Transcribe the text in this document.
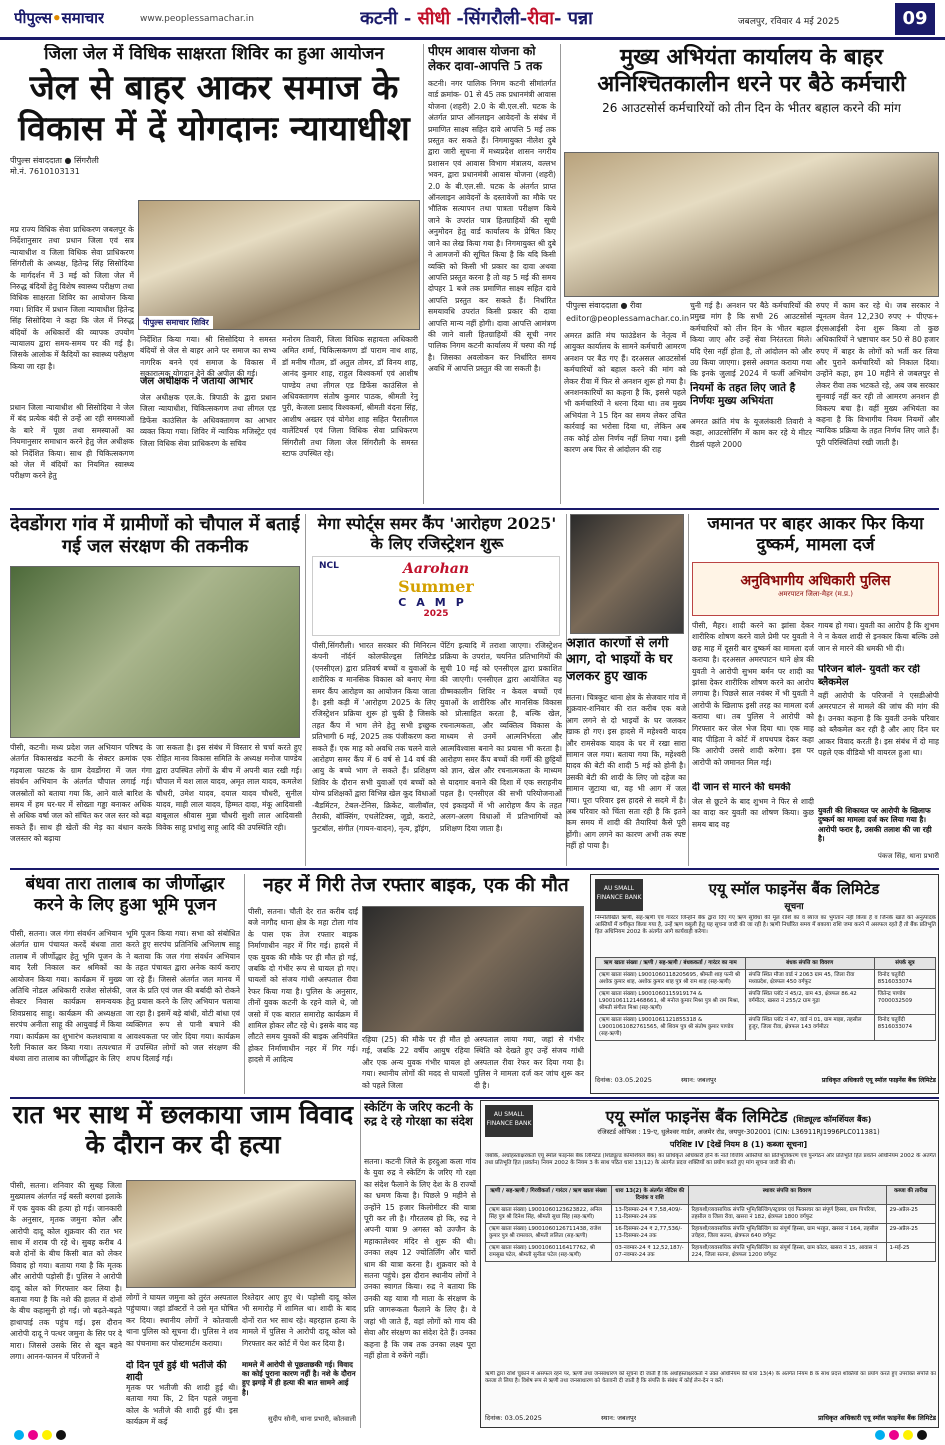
पीपुल्स•समाचार	www.peoplessamachar.in	कटनी - सीधी -सिंगरौली-रीवा- पन्ना	जबलपुर, रविवार 4 मई 2025	09
जिला जेल में विधिक साक्षरता शिविर का हुआ आयोजन
जेल से बाहर आकर समाज के विकास में दें योगदानः न्यायाधीश
पीपुल्स संवाददाता ● सिंगरौली
मो.नं. 7610103131
पीपुल्स समाचार शिविर
मप्र राज्य विधिक सेवा प्राधिकरण जबलपुर के निर्देशानुसार तथा प्रधान जिला एवं सत्र न्यायाधीश व जिला विधिक सेवा प्राधिकरण सिंगरौली के अध्यक्ष, हितेन्द्र सिंह सिसोदिया के मार्गदर्शन में 3 मई को जिला जेल में निरुद्ध बंदियों हेतु विशेष स्वास्थ्य परीक्षण तथा विधिक साक्षरता शिविर का आयोजन किया गया। शिविर में प्रधान जिला न्यायाधीश हितेन्द्र सिंह सिसोदिया ने कहा कि जेल में निरुद्ध बंदियों के अधिकारों की व्यापक उपयोग न्यायालय द्वारा समय-समय पर की गई है। जिसके आलोक में कैदियों का स्वास्थ्य परीक्षण किया जा रहा है।
प्रधान जिला न्यायाधीश श्री सिसोदिया ने जेल में बंद प्रत्येक बंदी से उन्हें आ रही समस्याओं के बारे में पूछा तथा समस्याओं का नियमानुसार समाधान करने हेतु जेल अधीक्षक को निर्देशित किया। साथ ही चिकित्सकगण को जेल में बंदियों का नियमित स्वास्थ्य परीक्षण करने हेतु
निर्देशित किया गया। श्री सिसोदिया ने समस्त बंदियों से जेल से बाहर आने पर समाज का सभ्य नागरिक बनने एवं समाज के विकास में सकारात्मक योगदान देने की अपील की गई।
जेल अधीक्षक ने जताया आभार
जेल अधीक्षक एल.के. त्रिपाठी के द्वारा प्रधान जिला न्यायाधीश, चिकित्सकगण तथा लीगल एड डिफेंस काउंसिल के अधिवक्तागण का आभार व्यक्त किया गया। शिविर में न्यायिक मजिस्ट्रेट एवं जिला विधिक सेवा प्राधिकरण के सचिव
मनोरम तिवारी, जिला विधिक सहायता अधिकारी अमित शर्मा, चिकित्सकगण डॉ पाराम नाथ शाह, डॉ मनीष गौतम, डॉ अतुल तोमर, डॉ विनय शाह, आनंद कुमार शाह, राहुल विश्वकर्मा एवं आशीष पाण्डेय तथा लीगल एड डिफेंस काउंसिल से अधिवक्तागण संतोष कुमार पाठक, श्रीमती रेनु पुरी, केजला प्रसाद विश्वकर्मा, श्रीमती वंदना सिंह, आशीष अख्तर एवं योगेश शाह सहित पैरालीगल वालेंटियर्स एवं जिला विधिक सेवा प्राधिकरण सिंगरौली तथा जिला जेल सिंगरौली के समस्त स्टाफ उपस्थित रहे।
पीएम आवास योजना को लेकर दावा-आपत्ति 5 तक
कटनी। नगर पालिक निगम कटनी सीमांतर्गत वार्ड क्रमांक- 01 से 45 तक प्रधानमंत्री आवास योजना (शहरी) 2.0 के बी.एल.सी. घटक के अंतर्गत प्राप्त ऑनलाइन आवेदनों के संबंध में प्रमाणित साक्ष्य सहित दावे आपत्ति 5 मई तक प्रस्तुत कर सकते हैं। निगमायुक्त नीलेश दुबे द्वारा जारी सूचना में मध्यप्रदेश शासन नगरीय प्रशासन एवं आवास विभाग मंत्रालय, वल्लभ भवन, द्वारा प्रधानमंत्री आवास योजना (शहरी) 2.0 के बी.एल.सी. घटक के अंतर्गत प्राप्त ऑनलाइन आवेदनों के दस्तावेजों का मौके पर भौतिक सत्यापन तथा पात्रता परीक्षण किये जाने के उपरांत पात्र हितग्राहियों की सूची अनुमोदन हेतु वार्ड कार्यालय के प्रेषित किए जाने का लेख किया गया है। निगमायुक्त श्री दुबे ने आमजनों की सूचित किया है कि यदि किसी व्यक्ति को किसी भी प्रकार का दावा अथवा आपत्ति प्रस्तुत करना है तो वह 5 मई की समय दोपहर 1 बजे तक प्रमाणित साक्ष्य सहित दावे आपत्ति प्रस्तुत कर सकते हैं। निर्धारित समयावधि उपरांत किसी प्रकार की दावा आपत्ति मान्य नहीं होगी। दावा आपत्ति आमंत्रण की जाने वाली हितग्राहियों की सूची नगर पालिक निगम कटनी कार्यालय में चस्पा की गई है। जिसका अवलोकन कर निर्धारित समय अवधि में आपत्ति प्रस्तुत की जा सकती है।
मुख्य अभियंता कार्यालय के बाहर अनिश्चितकालीन धरने पर बैठे कर्मचारी
26 आउटसोर्स कर्मचारियों को तीन दिन के भीतर बहाल करने की मांग
पीपुल्स संवाददाता ● रीवा
editor@peoplessamachar.co.in
अमरत क्रांति मंच फाउंडेशन के नेतृत्व में आयुक्त कार्यालय के सामने कर्मचारी आमरण अनशन पर बैठ गए हैं। दरअसल आउटसोर्स कर्मचारियों को बहाल करने की मांग को लेकर रीवा में फिर से अनशन शुरू हो गया है। अनशनकारियों का कहना है कि, इससे पहले भी कर्मचारियों ने धरना दिया था। तब मुख्य अभियंता ने 15 दिन का समय लेकर उचित कार्रवाई का भरोसा दिया था, लेकिन अब तक कोई ठोस निर्णय नहीं लिया गया। इसी कारण अब फिर से आंदोलन की राह
चुनी गई है। अनशन पर बैठे कर्मचारियों की प्रमुख मांग है कि सभी 26 आउटसोर्स कर्मचारियों को तीन दिन के भीतर बहाल किया जाए और उन्हें सेवा निरंतरता मिले। यदि ऐसा नहीं होता है, तो आंदोलन को और उग्र किया जाएगा। इससे अवगत कराया गया कि इनके जुलाई 2024 में फर्जी अभियोग
नियमों के तहत लिए जाते है निर्णयः मुख्य अभियंता
अमरत क्रांति मंच के यूजलंकारी तिवारी ने कहा, आउटसोर्सिंग में काम कर रहे ये मीटर रीडर्स पहले 2000
रुपए में काम कर रहे थे। जब सरकार ने न्यूनतम वेतन 12,230 रुपए + पीएफ+ ईएसआईसी देना शुरू किया तो कुछ अधिकारियों ने भ्रष्टाचार कर 50 से 80 हजार रुपए में बाहर के लोगों को भर्ती कर लिया और पुराने कर्मचारियों को निकाल दिया। उन्होंने कहा, हम 10 महीने से जबलपुर से लेकर रीवा तक भटकते रहे, अब जब सरकार सुनवाई नहीं कर रही तो आमरण अनशन ही विकल्प बचा है। वहीं मुख्य अभियंता का कहना है कि विभागीय नियम नियमों और न्यायिक प्रक्रिया के तहत निर्णय लिए जाते हैं। पूरी परिस्थितियां रखी जाती है।
देवडोंगरा गांव में ग्रामीणों को चौपाल में बताई गई जल संरक्षण की तकनीक
पीसी, कटनी। मध्य प्रदेश जल अभियान परिषद के अंतर्गत विकासखंड कटनी के सेक्टर क्रमांक एक गढ़वाला फाटक के ग्राम देवडोंगरा में जल गंगा संवर्धन अभियान के अंतर्गत चौपाल लगाई गई। जलस्रोतों को बताया गया कि, आने वाले बारिश के समय में हम घर-घर में सोख्ता गड्डा बनाकर अधिक से अधिक वर्षा जल को संचित कर जल स्तर को बढ़ा सकते हैं। साथ ही खेतों की मेड़ का बंधान करके जलस्तर को बढ़ाया
मेगा स्पोर्ट्स समर कैंप 'आरोहण 2025' के लिए रजिस्ट्रेशन शुरू
NCL	Aarohan
Summer
CAMP
2025
जा सकता है। इस संबंध में विस्तार से चर्चा करते हुए रोहित मानव विकास समिति के अध्यक्ष मनोज पाण्डेय द्वारा उपस्थित लोगों के बीच में अपनी बात रखी गई। चौपाल में यश लाल यादव, अमृत लाल यादव, कमलेश चौधरी, उमेश यादव, दयाल यादव चौधरी, सुनील यादव, माही लाल यादव, हिम्मत दादा, मंकू आदिवासी बाबूलाल श्रीवास मुन्ना चौधरी सुशी लाल आदिवासी विवेक साहू प्रभांशु साहू आदि की उपस्थिति रही।
पीसी,सिंगरौली। भारत सरकार की मिनिरत्न कंपनी नॉर्दर्न कोलफील्ड्स लिमिटेड (एनसीएल) द्वारा प्रतिवर्ष बच्चों व युवाओं के शारीरिक व मानसिक विकास को बनाए मेगा समर कैंप आरोहण का आयोजन किया जाता है। इसी कड़ी में 'आरोहण 2025 के लिए रजिस्ट्रेशन प्रक्रिया शुरू हो चुकी है जिसके तहत कैंप में भाग लेने हेतु सभी इच्छुक प्रतिभागी 6 मई, 2025 तक पंजीकरण करा सकते हैं। एक माह को अवधि तक चलने वाले आरोहण समर कैंप में 6 वर्ष से 14 वर्ष की आयु के बच्चे भाग ले सकते हैं। प्रशिक्षण शिविर के दौरान सभी युवाओं एवं बच्चों को योग्य प्रशिक्षकों द्वारा विभिन्न खेल कूद विधाओं -बैडमिंटन, टेबल-टेनिस, क्रिकेट, वालीबॉल, तैराकी, बॉक्सिंग, एथलेटिक्स, जूडो, कराटे, फुटबॉल, संगीत (गायन-वादन), नृत्य, ड्रॉइंग,
पेंटिंग इत्यादि में तराशा जाएगा। रजिस्ट्रेशन प्रक्रिया के उपरांत, चयनित प्रतिभागियों की सूची 10 मई को एनसीएल द्वारा प्रकाशित की जाएगी। एनसीएल द्वारा आयोजित यह ग्रीष्मकालीन शिविर न केवल बच्चों एवं युवाओं के शारीरिक और मानसिक विकास को प्रोत्साहित करता है, बल्कि खेल, रचनात्मकता, और व्यक्तित्व विकास के माध्यम से उनमें आत्मनिर्भरता और आत्मविश्वास बनाने का प्रयास भी करता है। आरोहण समर कैंप बच्चों की गर्मी की छुट्टियों को ज्ञान, खेल और रचनात्मकता के माध्यम से यादगार बनाने की दिशा में एक सराहनीय पहल है। एनसीएल की सभी परियोजनाओं एवं इकाइयों में भी आरोहण कैंप के तहत अलग-अलग विधाओं में प्रतिभागियों को प्रशिक्षण दिया जाता है।
अज्ञात कारणों से लगी आग, दो भाइयों के घर जलकर हुए खाक
सतना। चित्रकूट थाना क्षेत्र के सेजवार गांव में शुक्रवार-शनिवार की रात करीब एक बजे आग लगने से दो भाइयों के घर जलकर खाक हो गए। इस हादसे में महेश्वरी यादव और रामसेवक यादव के घर में रखा सारा सामान जल गया। बताया गया कि, महेश्वरी यादव की बेटी की शादी 5 मई को होनी है। उसकी बेटी की शादी के लिए जो दहेज का सामान जुटाया था, वह भी आग में जल गया। पूरा परिवार इस हादसे से सदमे में है। अब परिवार को चिंता सता रही है कि इतने कम समय में शादी की तैयारियां कैसे पूरी होंगी। आग लगने का कारण अभी तक स्पष्ट नहीं हो पाया है।
जमानत पर बाहर आकर फिर किया दुष्कर्म, मामला दर्ज
अनुविभागीय अधिकारी पुलिस
अमरपाटन जिला-मैहर (म.प्र.)
पीसी, मैहर। शादी करने का झांसा देकर शारीरिक शोषण करने वाले प्रेमी पर युवती ने छह माह में दूसरी बार दुष्कर्म का मामला दर्ज कराया है। दरअसल अमरपाटन थाने क्षेत्र की युवती ने आरोपी सुभम बर्मन पर शादी का झांसा देकर शारीरिक शोषण करने का आरोप लगाया है। पिछले साल नवंबर में भी युवती ने आरोपी के खिलाफ इसी तरह का मामला दर्ज कराया था। तब पुलिस ने आरोपी को गिरफ्तार कर जेल भेज दिया था। एक माह बाद पीड़िता ने कोर्ट में शपथपत्र देकर कहा कि आरोपी उससे शादी करेगा। इस पर आरोपी को जमानत मिल गई।
दी जान से मारने की धमकी
जेल से छूटने के बाद शुभम ने फिर से शादी का वादा कर युवती का शोषण किया। कुछ समय बाद वह
गायब हो गया। युवती का आरोप है कि शुभम ने न केवल शादी से इनकार किया बल्कि उसे जान से मारने की धमकी भी दी।
परिजन बोले- युवती कर रही ब्लैकमेल
वहीं आरोपी के परिजनों ने एसडीओपी अमरपाटन से मामले की जांच की मांग की है। उनका कहना है कि युवती उनके परिवार को ब्लैकमेल कर रही है और आए दिन घर आकर विवाद करती है। इस संबंध में दो माह पहले एक वीडियो भी वायरल हुआ था।
युवती की शिकायत पर आरोपी के खिलाफ दुष्कर्म का मामला दर्ज कर लिया गया है। आरोपी फरार है, उसकी तलाश की जा रही है।
पंकज सिंह, थाना प्रभारी
बंधवा तारा तालाब का जीर्णोद्धार करने के लिए हुआ भूमि पूजन
पीसी, सतना। जल गंगा संवर्धन अभियान अंतर्गत ग्राम पंचायत करदें बंधवा तारा तालाब में जीर्णोद्धार हेतु भूमि पूजन के बाद रैली निकाल कर श्रमिकों का आयोजन किया गया। कार्यक्रम में मुख्य अतिथि नोडल अधिकारी राजेश सोलंकी, सेक्टर निवास कार्यक्रम समन्वयक शिवप्रसाद साहू। कार्यक्रम की अध्यक्षता सरपंच अनीता साहू की आयुवाई में किया गया। कार्यक्रम का शुभारंभ कलशयात्रा व रैली निकाल कर किया गया। तत्पश्चात बंधवा तारा तालाब का जीर्णोद्धार के लिए
भूमि पूजन किया गया। सभा को संबोधित करते हुए सरपंच प्रतिनिधि अभिलाष साहू ने बताया कि जल गंगा संवर्धन अभियान के तहत पंचायत द्वारा अनेक कार्य कराए जा रहे हैं। जिससे अंतर्गत जल मानव में जल के प्रति एवं जल की बर्बादी को रोकने हेतु प्रयास करने के लिए अभियान चलाया जा रहा है। इसमें बड़े बांधी, वोटी बांधा एवं व्यक्तिगत रूप से पानी बचाने की आवश्यकता पर जोर दिया गया। कार्यक्रम में उपस्थित लोगों को जल संरक्षण की शपथ दिलाई गई।
नहर में गिरी तेज रफ्तार बाइक, एक की मौत
पीसी, सतना। चौती देर रात करीब दाईं बजे नागौद थाना क्षेत्र के महा टोला गांव के पास एक तेज रफ्तार बाइक निर्माणाधीन नहर में गिर गई। हादसे में एक युवक की मौके पर ही मौत हो गई, जबकि दो गंभीर रूप से घायल हो गए। घायलों को संजय गांधी अस्पताल रीवा रेफर किया गया है। पुलिस के अनुसार, तीनों युवक कटनी के रहने वाले थे, जो जसो में एक बारात समारोह कार्यक्रम में शामिल होकर लौट रहे थे। इसके बाद वह लौटते समय युवकों की बाइक अनियंत्रित होकर निर्माणाधीन नहर में गिर गई। हादसे में आदित्य
रहिया (25) की मौके पर ही मौत हो गई, जबकि 22 वर्षीय आयुष रहिया और एक अन्य युवक गंभीर घायल हो गया। स्थानीय लोगों की मदद से घायलों को पहले जिला
अस्पताल लाया गया, जहां से गंभीर स्थिति को देखते हुए उन्हें संजय गांधी अस्पताल रीवा रेफर कर दिया गया है। पुलिस ने मामला दर्ज कर जांच शुरू कर दी है।
AU SMALL FINANCE BANK	एयू स्मॉल फाइनेंस बैंक लिमिटेड
सूचना
निम्नलिखित ऋणी, सह-ऋणी एवं गारंटर जिन्होंने बैंक द्वारा दिए गए ऋण सुविधा की मूल राशि का व ब्याज का भुगतान नहीं किया है व जिनके खाते को अनुत्पादक आस्तियों में वर्गीकृत किया गया है, उन्हें ऋण वसूली हेतु यह सूचना जारी की जा रही है। ऋणी निर्धारित समय में बकाया राशि जमा करने में असफल रहते हैं तो बैंक प्रतिभूति हित अधिनियम 2002 के अंतर्गत आगे कार्यवाही करेगा।
ऋण खाता संख्या / ऋणी / सह-ऋणी / बंधककर्ता / गारंटर का नाम	बंधक संपत्ति का विवरण	संपर्क सूत्र
(ऋण खाता संख्या) L9001060118205695, श्रीमती शाह पत्नी श्री अशोक कुमार शाह, अशोक कुमार शाह पुत्र श्री राम शाह (सह-ऋणी)	संपत्ति स्थित मौजा वार्ड नं 2063 ग्राम 45, जिला रीवा मध्यप्रदेश, क्षेत्रफल 450 वर्गफुट	विनोद चतुर्वेदी 8516033074
(ऋण खाता संख्या) L9001060115919174 & L9001061121468661, श्री मनोज कुमार मिश्रा पुत्र श्री राम मिश्रा, श्रीमती संगीता मिश्रा (सह-ऋणी)	संपत्ति स्थित प्लॉट नं 45/2, ग्राम 43, क्षेत्रफल 86.42 वर्गमीटर, खसरा नं 255/2 ग्राम गुढ़ा	जितेन्द्र पाण्डेय 7000032509
(ऋण खाता संख्या) L9001061121855318 & L9001061082761565, श्री शिवम पुत्र श्री संतोष कुमार पाण्डेय (सह-ऋणी)	संपत्ति स्थित प्लॉट नं 47, वार्ड नं 01, ग्राम माझा, तहसील हुजूर, जिला रीवा, क्षेत्रफल 143 वर्गमीटर	विनोद चतुर्वेदी 8516033074
दिनांक: 03.05.2025	स्थान: जबलपुर	प्राधिकृत अधिकारी एयू स्मॉल फाइनेंस बैंक लिमिटेड
रात भर साथ में छलकाया जाम विवाद के दौरान कर दी हत्या
पीसी, सतना। शनिवार की सुबह जिला मुख्यालय अंतर्गत नई बस्ती बरगवां इलाके में एक युवक की हत्या हो गई। जानकारी के अनुसार, मृतक जमुना कोल और आरोपी दादू कोल शुक्रवार की रात भर साथ में शराब पी रहे थे। सुबह करीब 4 बजे दोनों के बीच किसी बात को लेकर विवाद हो गया। बताया गया है कि मृतक और आरोपी पड़ोसी हैं। पुलिस ने आरोपी दादू कोल को गिरफ्तार कर लिया है। बताया गया है कि नशे की हालत में दोनों के बीच कहासुनी हो गई। जो बढ़ते-बढ़ते हाथापाई तक पहुंच गई। इस दौरान आरोपी दादू ने पत्थर जमुना के सिर पर दे मारा। जिससे उसके सिर से खून बहने लगा। आनन-फानन में परिजनों ने
लोगों ने घायल जमुना को तुरंत अस्पताल पहुंचाया। जहां डॉक्टरों ने उसे मृत घोषित कर दिया। स्थानीय लोगों ने कोतवाली थाना पुलिस को सूचना दी। पुलिस ने शव का पंचनामा कर पोस्टमार्टम कराया।
दो दिन पूर्व हुई थी भतीजे की शादी
मृतक पर भतीजी की शादी हुई थी। बताया गया कि, 2 दिन पहले जमुना कोल के भतीजे की शादी हुई थी। इस कार्यक्रम में कई
रिश्तेदार आए हुए थे। पड़ोसी दादू कोल भी समारोह में शामिल था। शादी के बाद दोनों रात भर साथ रहे। बहरहाल हत्या के मामले में पुलिस ने आरोपी दादू कोल को गिरफ्तार कर कोर्ट में पेश कर दिया है।
मामले में आरोपी से पूछताछकी गई। विवाद का कोई पुराना कारण नहीं है। नशे के दौरान हुए झगड़े में ही हत्या की बात सामने आई है।
सुदीप सोनी, थाना प्रभारी, कोतवाली
स्केटिंग के जरिए कटनी के रुद्र दे रहे गोरक्षा का संदेश
सतना। कटनी जिले के हरदुआ कला गांव के युवा रुद्र ने स्केटिंग के जरिए गो रक्षा का संदेश फैलाने के लिए देश के 8 राज्यों का भ्रमण किया है। पिछले 9 महीने से उन्होंने 15 हजार किलोमीटर की यात्रा पूरी कर ली है। गौरतलब हो कि, रुद्र ने अपनी यात्रा 9 अगस्त को उज्जैन के महाकालेश्वर मंदिर से शुरू की थी। उनका लक्ष्य 12 ज्योतिर्लिंग और चारों धाम की यात्रा करना है। शुक्रवार को वे सतना पहुंचे। इस दौरान स्थानीय लोगों ने उनका स्वागत किया। रुद्र ने बताया कि उनकी यह यात्रा गौ माता के संरक्षण के प्रति जागरूकता फैलाने के लिए है। वे जहां भी जाते हैं, वहां लोगों को गाय की सेवा और संरक्षण का संदेश देते हैं। उनका कहना है कि जब तक उनका लक्ष्य पूरा नहीं होता वे रुकेंगे नहीं।
AU SMALL FINANCE BANK	एयू स्मॉल फाइनेंस बैंक लिमिटेड (शिड्यूल्ड कॉमर्शियल बैंक)
रजिस्टर्ड ऑफिस : 19-ए, धुलेश्वर गार्डन, अजमेर रोड, जयपुर-302001 (CIN: L36911RJ1996PLC011381)
परिशिष्ट IV [देखें नियम 8 (1) कब्जा सूचना]
जबकि, अधोहस्ताक्षरकर्ता एयू स्मॉल फाइनेंस बैंक लिमिटेड (शिड्यूल्ड कॉमर्शियल बैंक) का प्राधिकृत अधिकारी होने के नाते वित्तीय आस्तियों का प्रतिभूतिकरण एवं पुनर्गठन और प्रतिभूति हित प्रवर्तन अधिनियम 2002 के अंतर्गत तथा प्रतिभूति हित (प्रवर्तन) नियम 2002 के नियम 3 के साथ पठित धारा 13(12) के अंतर्गत प्रदत्त शक्तियों का प्रयोग करते हुए मांग सूचना जारी की थी।
ऋणी / सह-ऋणी / गिरवीकर्ता / गारंटर / ऋण खाता संख्या	धारा 13(2) के अंतर्गत नोटिस की दिनांक व राशि	स्थावर संपत्ति का विवरण	कब्जा की तारीख
(ऋण खाता संख्या) L9001060123623822, अनिल सिंह पुत्र श्री दिनेश सिंह, श्रीमती सुधा सिंह (सह-ऋणी)	13-दिसम्बर-24 ₹ 7,58,409/- 11-दिसम्बर-24 तक	रिहायशी/व्यवसायिक संपत्ति भूमि/बिल्डिंग/स्ट्रक्चर एवं फिक्सचर का संपूर्ण हिस्सा, ग्राम पिपरिया, तहसील व जिला रीवा, खसरा नं 182, क्षेत्रफल 1800 वर्गफुट	29-अप्रैल-25
(ऋण खाता संख्या) L9001060126711438, राजेश कुमार पुत्र श्री रामलाल, श्रीमती ललिता (सह-ऋणी)	16-दिसम्बर-24 ₹ 2,77,536/- 13-दिसम्बर-24 तक	रिहायशी/व्यवसायिक संपत्ति भूमि/बिल्डिंग का संपूर्ण हिस्सा, ग्राम भरहुत, खसरा नं 164, तहसील उचेहरा, जिला सतना, क्षेत्रफल 640 वर्गफुट	29-अप्रैल-25
(ऋण खाता संख्या) L9001060116417762, श्री रामसुख पटेल, श्रीमती सुनीता पटेल (सह-ऋणी)	03-नवम्बर-24 ₹ 12,52,187/- 07-नवम्बर-24 तक	रिहायशी/व्यवसायिक संपत्ति भूमि/बिल्डिंग का संपूर्ण हिस्सा, ग्राम कोटर, खसरा नं 15, आवास नं 224, जिला सतना, क्षेत्रफल 1200 वर्गफुट	1-मई-25
ऋणी द्वारा राशि चुकाने में असफल रहने पर, ऋणी तथा जनसाधारण को सूचना दी जाती है कि अधोहस्ताक्षरकर्ता ने उक्त अधिनियम की धारा 13(4) के अंतर्गत नियम 8 के साथ प्रदत्त शक्तियों का प्रयोग करते हुए उपरोक्त संपत्ति का कब्जा ले लिया है। विशेष रूप से ऋणी तथा जनसाधारण को चेतावनी दी जाती है कि संपत्ति के संबंध में कोई लेन-देन न करें।
दिनांक: 03.05.2025	स्थान: जबलपुर	प्राधिकृत अधिकारी एयू स्मॉल फाइनेंस बैंक लिमिटेड
